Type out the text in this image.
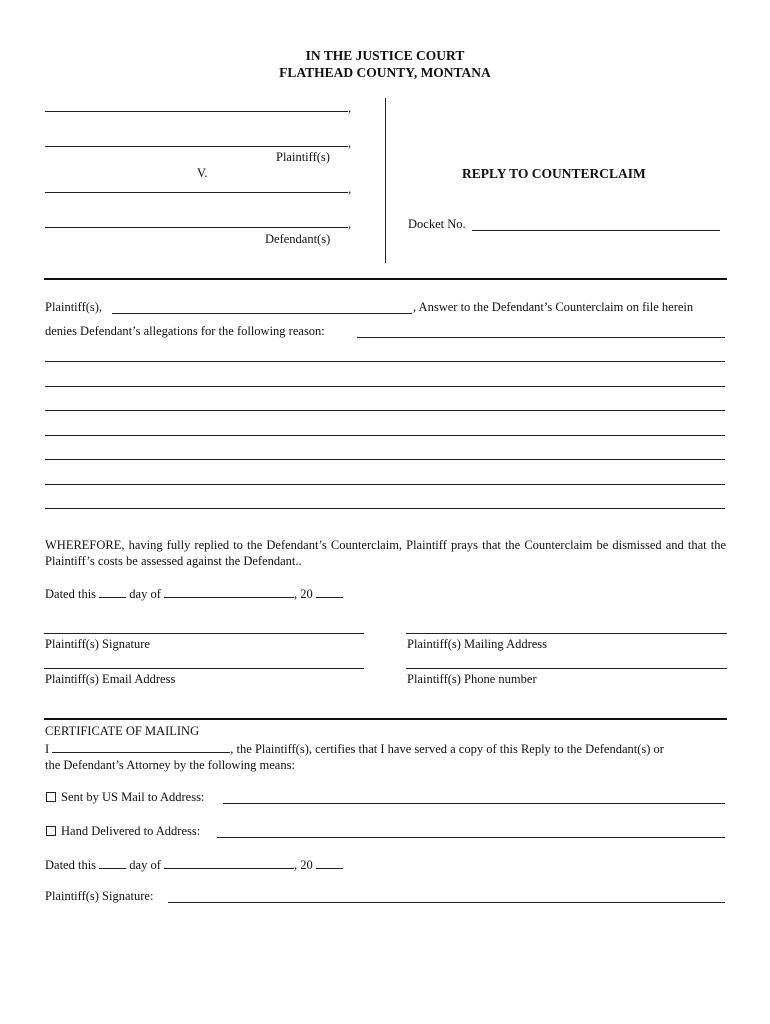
IN THE JUSTICE COURT
FLATHEAD COUNTY, MONTANA
,
,
Plaintiff(s)
V.
,
,
Defendant(s)
REPLY TO COUNTERCLAIM
Docket No.
Plaintiff(s),	, Answer to the Defendant’s Counterclaim on file herein
denies Defendant’s allegations for the following reason:
WHEREFORE, having fully replied to the Defendant’s Counterclaim, Plaintiff prays that the Counterclaim be dismissed and that the Plaintiff’s costs be assessed against the Defendant..
Dated this	day of	, 20
Plaintiff(s) Signature	Plaintiff(s) Mailing Address
Plaintiff(s) Email Address	Plaintiff(s) Phone number
CERTIFICATE OF MAILING
I	, the Plaintiff(s), certifies that I have served a copy of this Reply to the Defendant(s) or
the Defendant’s Attorney by the following means:
Sent by US Mail to Address:
Hand Delivered to Address:
Dated this	day of	, 20
Plaintiff(s) Signature:
